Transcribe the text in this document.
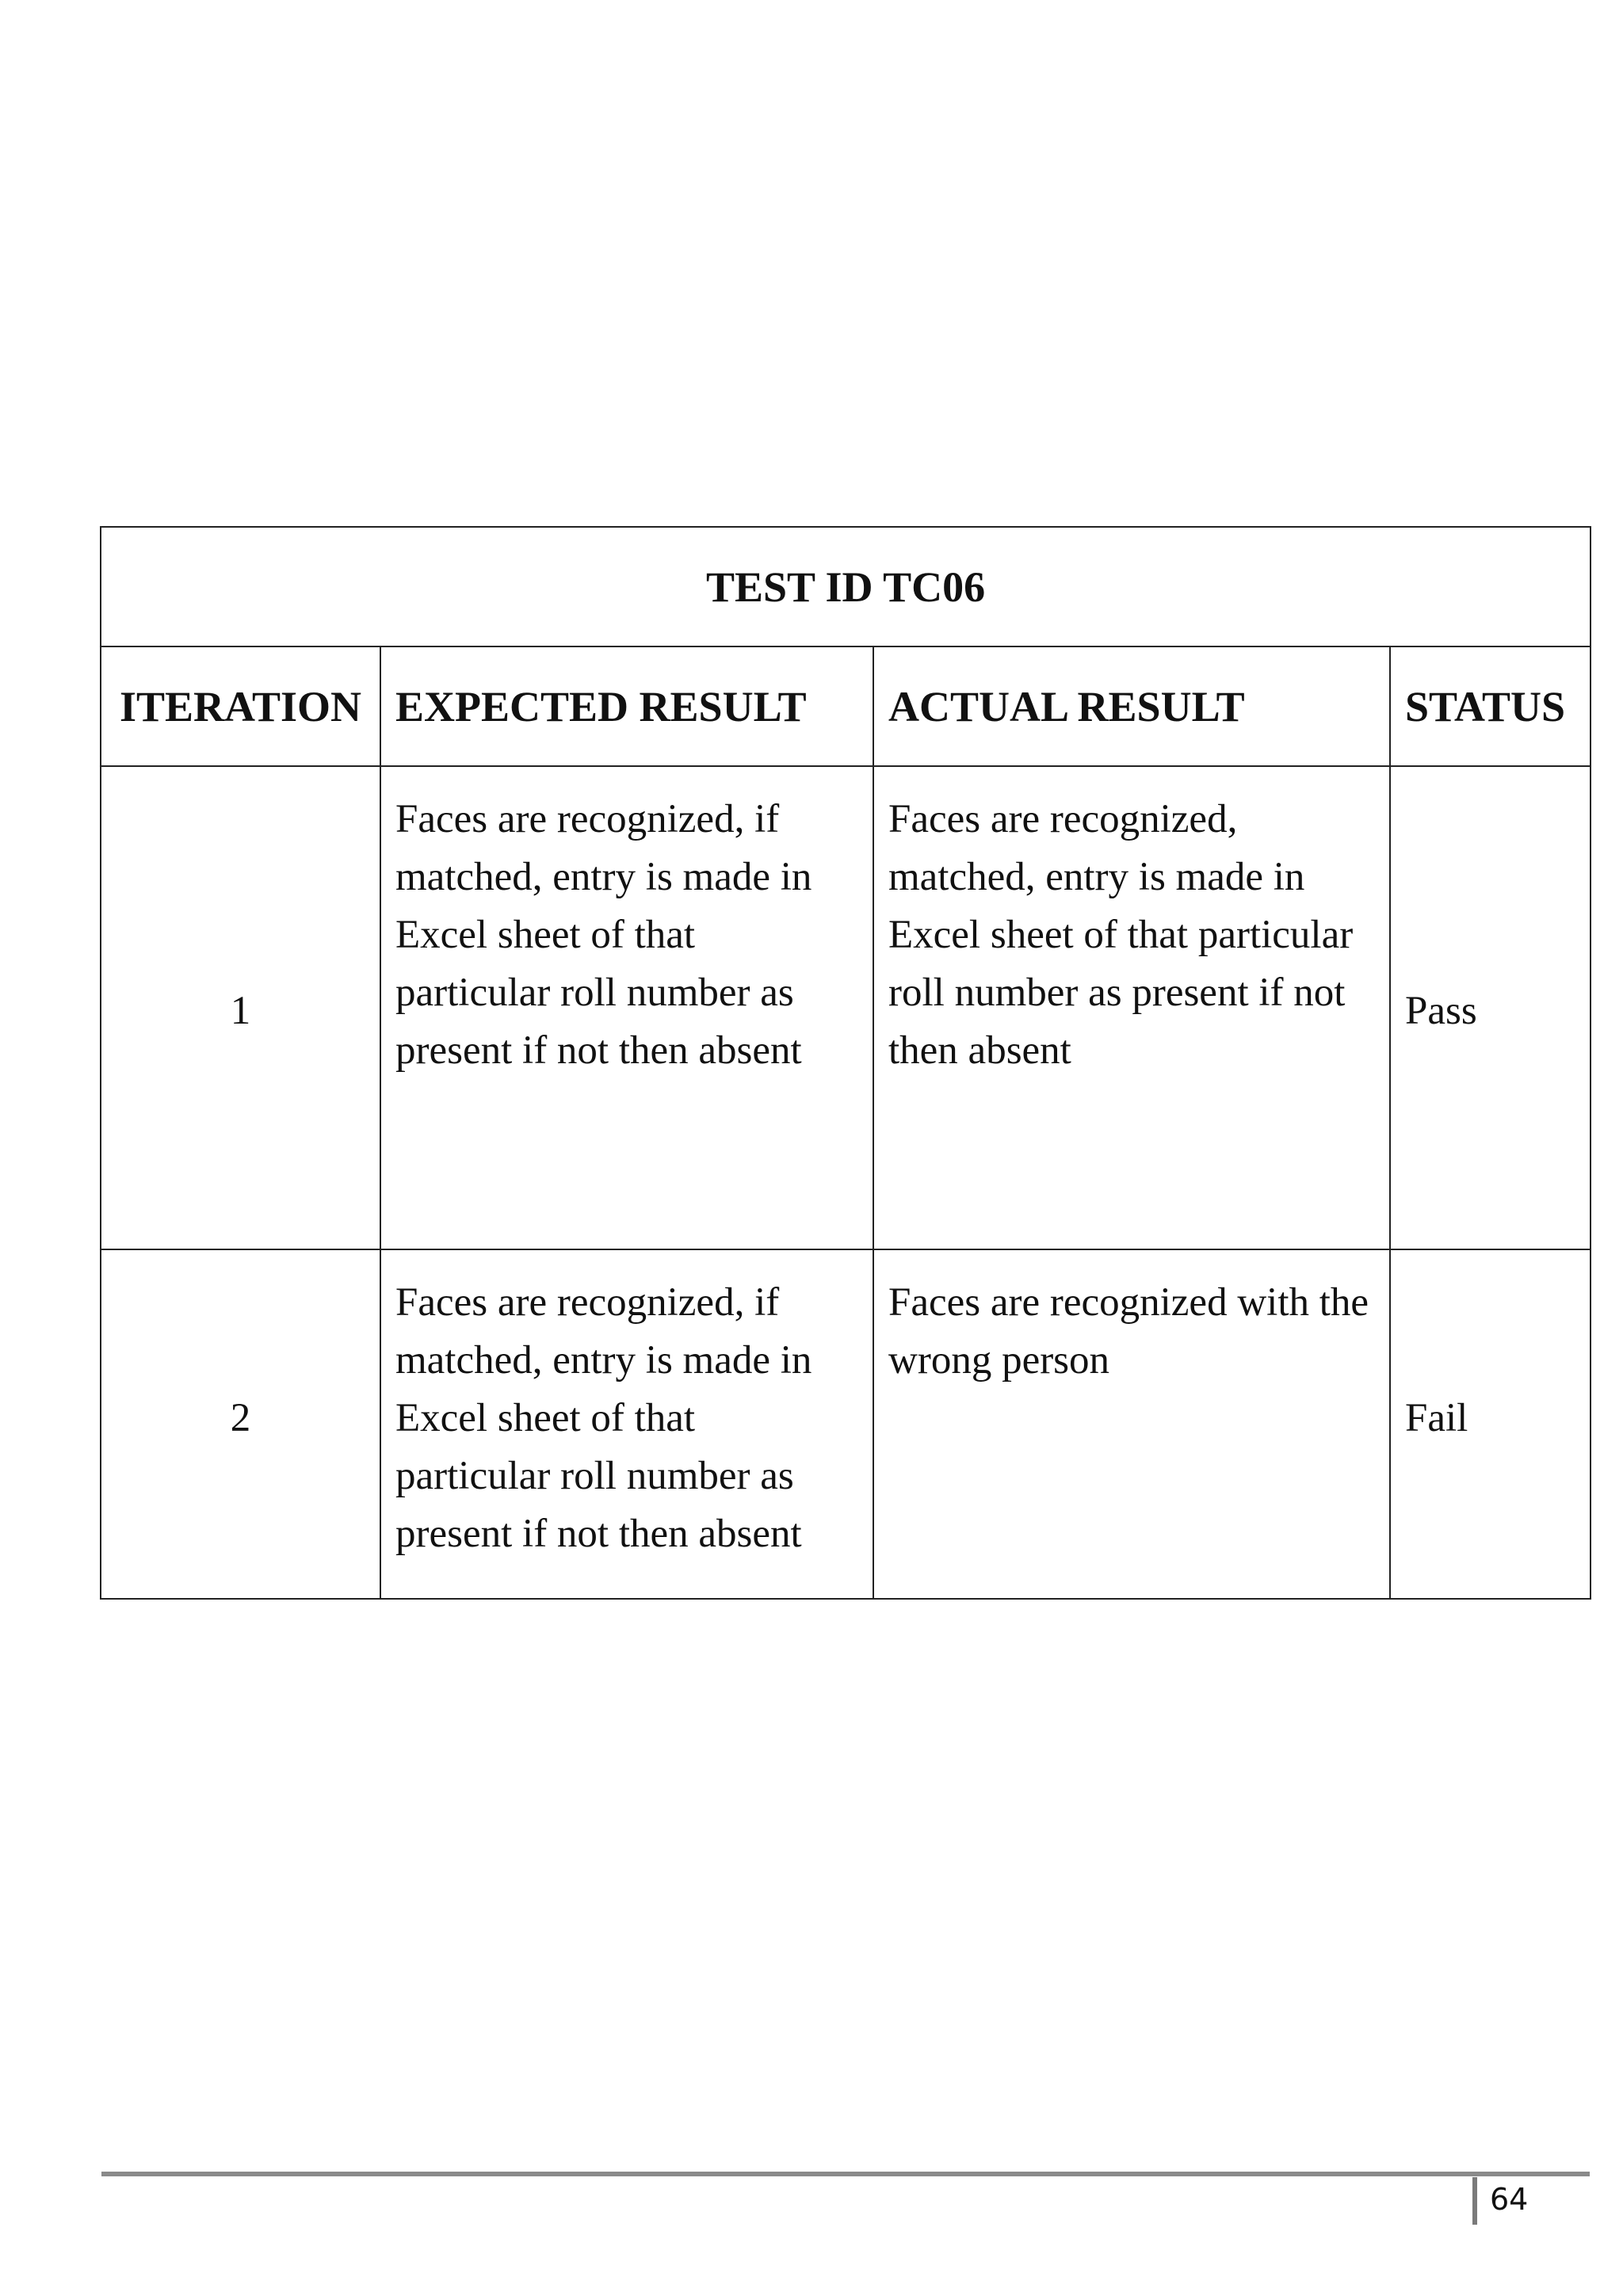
TEST ID TC06			
ITERATION	EXPECTED RESULT	ACTUAL RESULT	STATUS
1	Faces are recognized, if matched, entry is made in Excel sheet of that particular roll number as present if not then absent	Faces are recognized, matched, entry is made in Excel sheet of that particular roll number as present if not then absent	Pass
2	Faces are recognized, if matched, entry is made in Excel sheet of that particular roll number as present if not then absent	Faces are recognized with the wrong person	Fail
64
